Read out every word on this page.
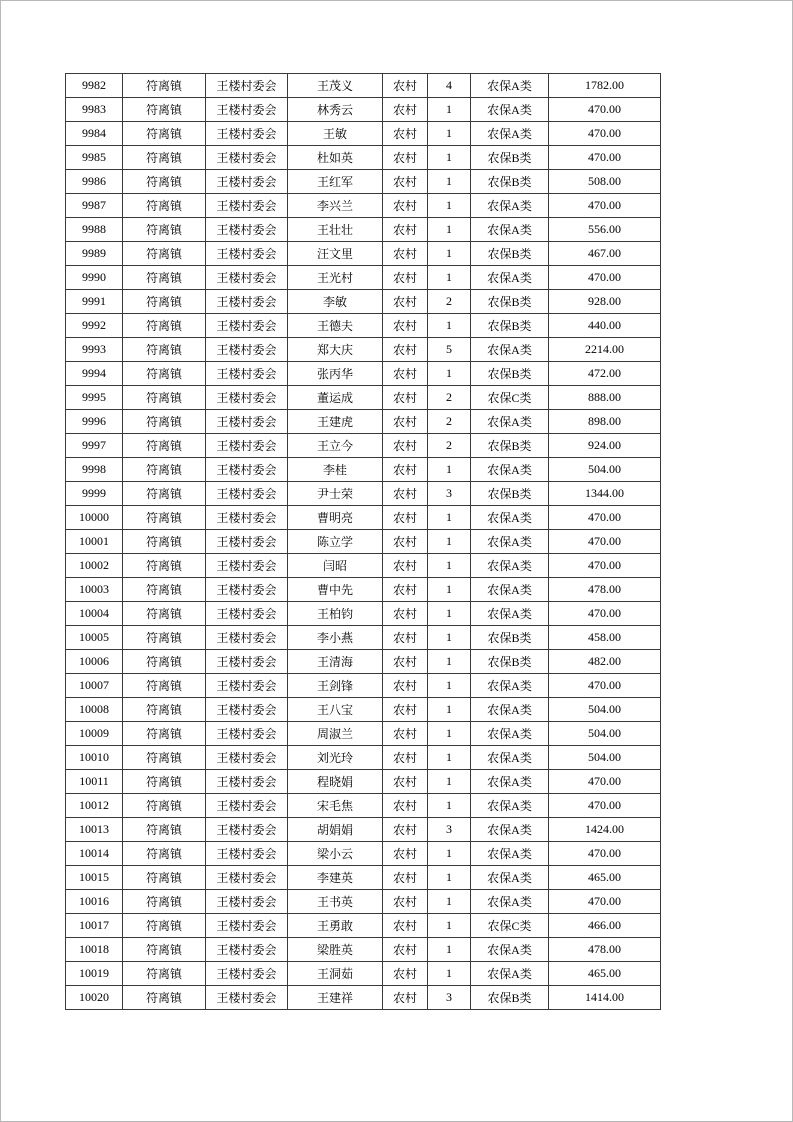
9982	符离镇	王楼村委会	王茂义	农村	4	农保A类	1782.00
9983	符离镇	王楼村委会	林秀云	农村	1	农保A类	470.00
9984	符离镇	王楼村委会	王敏	农村	1	农保A类	470.00
9985	符离镇	王楼村委会	杜如英	农村	1	农保B类	470.00
9986	符离镇	王楼村委会	王红军	农村	1	农保B类	508.00
9987	符离镇	王楼村委会	李兴兰	农村	1	农保A类	470.00
9988	符离镇	王楼村委会	王壮壮	农村	1	农保A类	556.00
9989	符离镇	王楼村委会	汪文里	农村	1	农保B类	467.00
9990	符离镇	王楼村委会	王光村	农村	1	农保A类	470.00
9991	符离镇	王楼村委会	李敏	农村	2	农保B类	928.00
9992	符离镇	王楼村委会	王德夫	农村	1	农保B类	440.00
9993	符离镇	王楼村委会	郑大庆	农村	5	农保A类	2214.00
9994	符离镇	王楼村委会	张丙华	农村	1	农保B类	472.00
9995	符离镇	王楼村委会	董运成	农村	2	农保C类	888.00
9996	符离镇	王楼村委会	王建虎	农村	2	农保A类	898.00
9997	符离镇	王楼村委会	王立今	农村	2	农保B类	924.00
9998	符离镇	王楼村委会	李桂	农村	1	农保A类	504.00
9999	符离镇	王楼村委会	尹士荣	农村	3	农保B类	1344.00
10000	符离镇	王楼村委会	曹明亮	农村	1	农保A类	470.00
10001	符离镇	王楼村委会	陈立学	农村	1	农保A类	470.00
10002	符离镇	王楼村委会	闫昭	农村	1	农保A类	470.00
10003	符离镇	王楼村委会	曹中先	农村	1	农保A类	478.00
10004	符离镇	王楼村委会	王柏钧	农村	1	农保A类	470.00
10005	符离镇	王楼村委会	李小燕	农村	1	农保B类	458.00
10006	符离镇	王楼村委会	王清海	农村	1	农保B类	482.00
10007	符离镇	王楼村委会	王剑锋	农村	1	农保A类	470.00
10008	符离镇	王楼村委会	王八宝	农村	1	农保A类	504.00
10009	符离镇	王楼村委会	周淑兰	农村	1	农保A类	504.00
10010	符离镇	王楼村委会	刘光玲	农村	1	农保A类	504.00
10011	符离镇	王楼村委会	程晓娟	农村	1	农保A类	470.00
10012	符离镇	王楼村委会	宋毛焦	农村	1	农保A类	470.00
10013	符离镇	王楼村委会	胡娟娟	农村	3	农保A类	1424.00
10014	符离镇	王楼村委会	梁小云	农村	1	农保A类	470.00
10015	符离镇	王楼村委会	李建英	农村	1	农保A类	465.00
10016	符离镇	王楼村委会	王书英	农村	1	农保A类	470.00
10017	符离镇	王楼村委会	王勇敢	农村	1	农保C类	466.00
10018	符离镇	王楼村委会	梁胜英	农村	1	农保A类	478.00
10019	符离镇	王楼村委会	王洞茹	农村	1	农保A类	465.00
10020	符离镇	王楼村委会	王建祥	农村	3	农保B类	1414.00
